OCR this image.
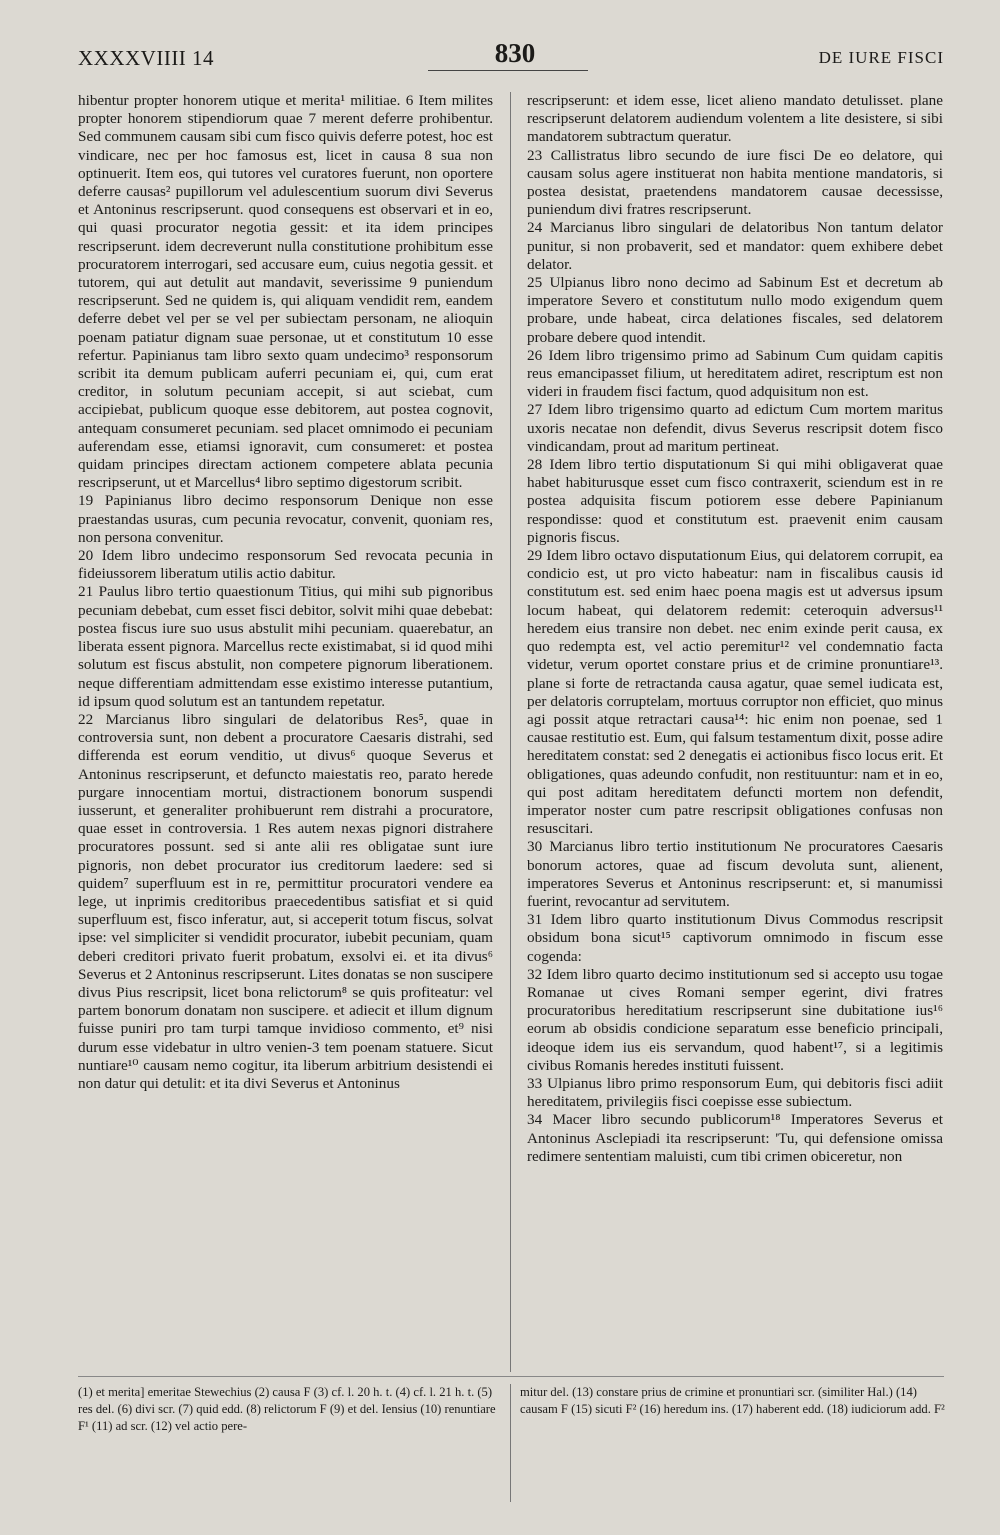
XXXXVIIII 14	830	DE IURE FISCI

hibentur propter honorem utique et merita¹ militiae. 6 Item milites propter honorem stipendiorum quae 7 merent deferre prohibentur. Sed communem causam sibi cum fisco quivis deferre potest, hoc est vindicare, nec per hoc famosus est, licet in causa 8 sua non optinuerit. Item eos, qui tutores vel curatores fuerunt, non oportere deferre causas² pupillorum vel adulescentium suorum divi Severus et Antoninus rescripserunt. quod consequens est observari et in eo, qui quasi procurator negotia gessit: et ita idem principes rescripserunt. idem decreverunt nulla constitutione prohibitum esse procuratorem interrogari, sed accusare eum, cuius negotia gessit. et tutorem, qui aut detulit aut mandavit, severissime 9 puniendum rescripserunt. Sed ne quidem is, qui aliquam vendidit rem, eandem deferre debet vel per se vel per subiectam personam, ne alioquin poenam patiatur dignam suae personae, ut et constitutum 10 esse refertur. Papinianus tam libro sexto quam undecimo³ responsorum scribit ita demum publicam auferri pecuniam ei, qui, cum erat creditor, in solutum pecuniam accepit, si aut sciebat, cum accipiebat, publicum quoque esse debitorem, aut postea cognovit, antequam consumeret pecuniam. sed placet omnimodo ei pecuniam auferendam esse, etiamsi ignoravit, cum consumeret: et postea quidam principes directam actionem competere ablata pecunia rescripserunt, ut et Marcellus⁴ libro septimo digestorum scribit.

19 Papinianus libro decimo responsorum Denique non esse praestandas usuras, cum pecunia revocatur, convenit, quoniam res, non persona convenitur.

20 Idem libro undecimo responsorum Sed revocata pecunia in fideiussorem liberatum utilis actio dabitur.

21 Paulus libro tertio quaestionum Titius, qui mihi sub pignoribus pecuniam debebat, cum esset fisci debitor, solvit mihi quae debebat: postea fiscus iure suo usus abstulit mihi pecuniam. quaerebatur, an liberata essent pignora. Marcellus recte existimabat, si id quod mihi solutum est fiscus abstulit, non competere pignorum liberationem. neque differentiam admittendam esse existimo interesse putantium, id ipsum quod solutum est an tantundem repetatur.

22 Marcianus libro singulari de delatoribus Res⁵, quae in controversia sunt, non debent a procuratore Caesaris distrahi, sed differenda est eorum venditio, ut divus⁶ quoque Severus et Antoninus rescripserunt, et defuncto maiestatis reo, parato herede purgare innocentiam mortui, distractionem bonorum suspendi iusserunt, et generaliter prohibuerunt rem distrahi a procuratore, quae esset in controversia. 1 Res autem nexas pignori distrahere procuratores possunt. sed si ante alii res obligatae sunt iure pignoris, non debet procurator ius creditorum laedere: sed si quidem⁷ superfluum est in re, permittitur procuratori vendere ea lege, ut inprimis creditoribus praecedentibus satisfiat et si quid superfluum est, fisco inferatur, aut, si acceperit totum fiscus, solvat ipse: vel simpliciter si vendidit procurator, iubebit pecuniam, quam deberi creditori privato fuerit probatum, exsolvi ei. et ita divus⁶ Severus et 2 Antoninus rescripserunt. Lites donatas se non suscipere divus Pius rescripsit, licet bona relictorum⁸ se quis profiteatur: vel partem bonorum donatam non suscipere. et adiecit et illum dignum fuisse puniri pro tam turpi tamque invidioso commento, et⁹ nisi durum esse videbatur in ultro venien-3 tem poenam statuere. Sicut nuntiare¹⁰ causam nemo cogitur, ita liberum arbitrium desistendi ei non datur qui detulit: et ita divi Severus et Antoninus

rescripserunt: et idem esse, licet alieno mandato detulisset. plane rescripserunt delatorem audiendum volentem a lite desistere, si sibi mandatorem subtractum queratur.

23 Callistratus libro secundo de iure fisci De eo delatore, qui causam solus agere instituerat non habita mentione mandatoris, si postea desistat, praetendens mandatorem causae decessisse, puniendum divi fratres rescripserunt.

24 Marcianus libro singulari de delatoribus Non tantum delator punitur, si non probaverit, sed et mandator: quem exhibere debet delator.

25 Ulpianus libro nono decimo ad Sabinum Est et decretum ab imperatore Severo et constitutum nullo modo exigendum quem probare, unde habeat, circa delationes fiscales, sed delatorem probare debere quod intendit.

26 Idem libro trigensimo primo ad Sabinum Cum quidam capitis reus emancipasset filium, ut hereditatem adiret, rescriptum est non videri in fraudem fisci factum, quod adquisitum non est.

27 Idem libro trigensimo quarto ad edictum Cum mortem maritus uxoris necatae non defendit, divus Severus rescripsit dotem fisco vindicandam, prout ad maritum pertineat.

28 Idem libro tertio disputationum Si qui mihi obligaverat quae habet habiturusque esset cum fisco contraxerit, sciendum est in re postea adquisita fiscum potiorem esse debere Papinianum respondisse: quod et constitutum est. praevenit enim causam pignoris fiscus.

29 Idem libro octavo disputationum Eius, qui delatorem corrupit, ea condicio est, ut pro victo habeatur: nam in fiscalibus causis id constitutum est. sed enim haec poena magis est ut adversus ipsum locum habeat, qui delatorem redemit: ceteroquin adversus¹¹ heredem eius transire non debet. nec enim exinde perit causa, ex quo redempta est, vel actio peremitur¹² vel condemnatio facta videtur, verum oportet constare prius et de crimine pronuntiare¹³. plane si forte de retractanda causa agatur, quae semel iudicata est, per delatoris corruptelam, mortuus corruptor non efficiet, quo minus agi possit atque retractari causa¹⁴: hic enim non poenae, sed 1 causae restitutio est. Eum, qui falsum testamentum dixit, posse adire hereditatem constat: sed 2 denegatis ei actionibus fisco locus erit. Et obligationes, quas adeundo confudit, non restituuntur: nam et in eo, qui post aditam hereditatem defuncti mortem non defendit, imperator noster cum patre rescripsit obligationes confusas non resuscitari.

30 Marcianus libro tertio institutionum Ne procuratores Caesaris bonorum actores, quae ad fiscum devoluta sunt, alienent, imperatores Severus et Antoninus rescripserunt: et, si manumissi fuerint, revocantur ad servitutem.

31 Idem libro quarto institutionum Divus Commodus rescripsit obsidum bona sicut¹⁵ captivorum omnimodo in fiscum esse cogenda:

32 Idem libro quarto decimo institutionum sed si accepto usu togae Romanae ut cives Romani semper egerint, divi fratres procuratoribus hereditatium rescripserunt sine dubitatione ius¹⁶ eorum ab obsidis condicione separatum esse beneficio principali, ideoque idem ius eis servandum, quod habent¹⁷, si a legitimis civibus Romanis heredes instituti fuissent.

33 Ulpianus libro primo responsorum Eum, qui debitoris fisci adiit hereditatem, privilegiis fisci coepisse esse subiectum.

34 Macer libro secundo publicorum¹⁸ Imperatores Severus et Antoninus Asclepiadi ita rescripserunt: 'Tu, qui defensione omissa redimere sententiam maluisti, cum tibi crimen obiceretur, non

(1) et merita] emeritae Stewechius (2) causa F (3) cf. l. 20 h. t. (4) cf. l. 21 h. t. (5) res del. (6) divi scr. (7) quid edd. (8) relictorum F (9) et del. Iensius (10) renuntiare F¹ (11) ad scr. (12) vel actio pere-

mitur del. (13) constare prius de crimine et pronuntiari scr. (similiter Hal.) (14) causam F (15) sicuti F² (16) heredum ins. (17) haberent edd. (18) iudiciorum add. F²
